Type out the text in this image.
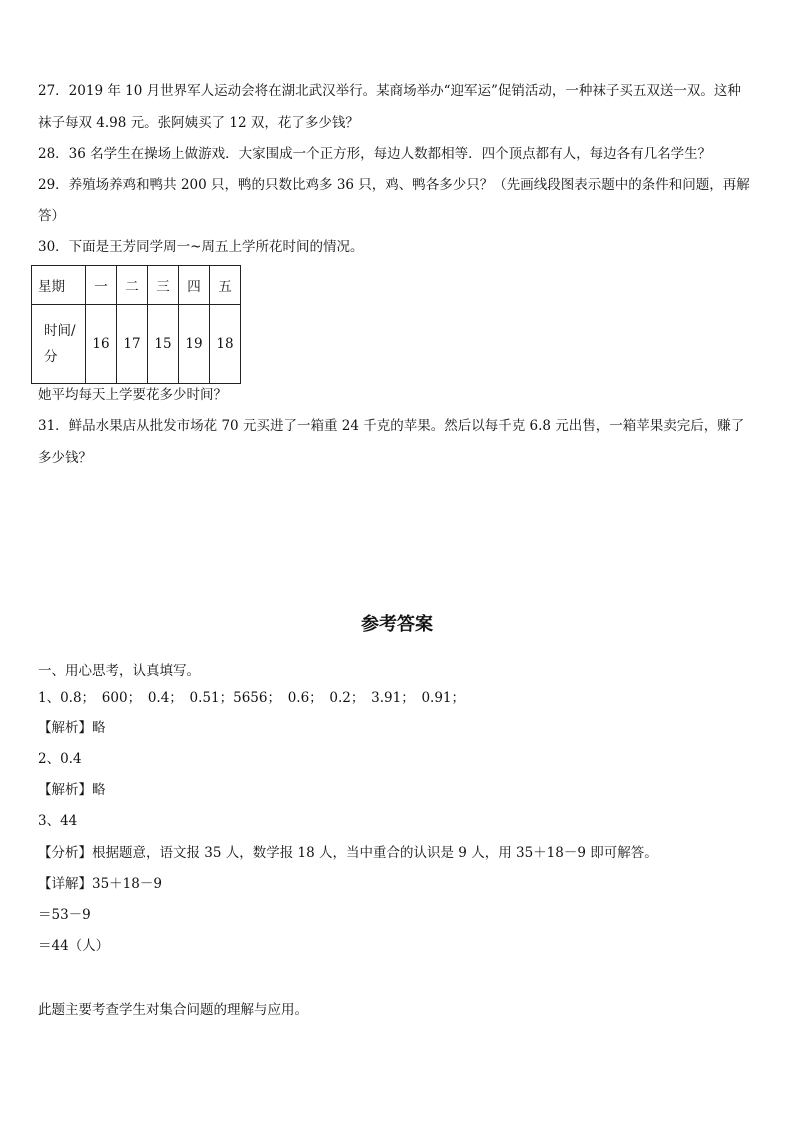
27．2019 年 10 月世界军人运动会将在湖北武汉举行。某商场举办“迎军运”促销活动，一种袜子买五双送一双。这种
袜子每双 4.98 元。张阿姨买了 12 双，花了多少钱？
28．36 名学生在操场上做游戏．大家围成一个正方形，每边人数都相等．四个顶点都有人，每边各有几名学生？
29．养殖场养鸡和鸭共 200 只，鸭的只数比鸡多 36 只，鸡、鸭各多少只？（先画线段图表示题中的条件和问题，再解
答）
30．下面是王芳同学周一~周五上学所花时间的情况。
星期	一	二	三	四	五

时间/
分	16	17	15	19	18
她平均每天上学要花多少时间？
31．鲜品水果店从批发市场花 70 元买进了一箱重 24 千克的苹果。然后以每千克 6.8 元出售，一箱苹果卖完后，赚了
多少钱？
参考答案
一、用心思考，认真填写。
1、0.8；　600；　0.4；　0.51；5656；　0.6；　0.2；　3.91；　0.91；
【解析】略
2、0.4
【解析】略
3、44
【分析】根据题意，语文报 35 人，数学报 18 人，当中重合的认识是 9 人，用 35＋18－9 即可解答。
【详解】35＋18－9
＝53－9
＝44（人）
此题主要考查学生对集合问题的理解与应用。
